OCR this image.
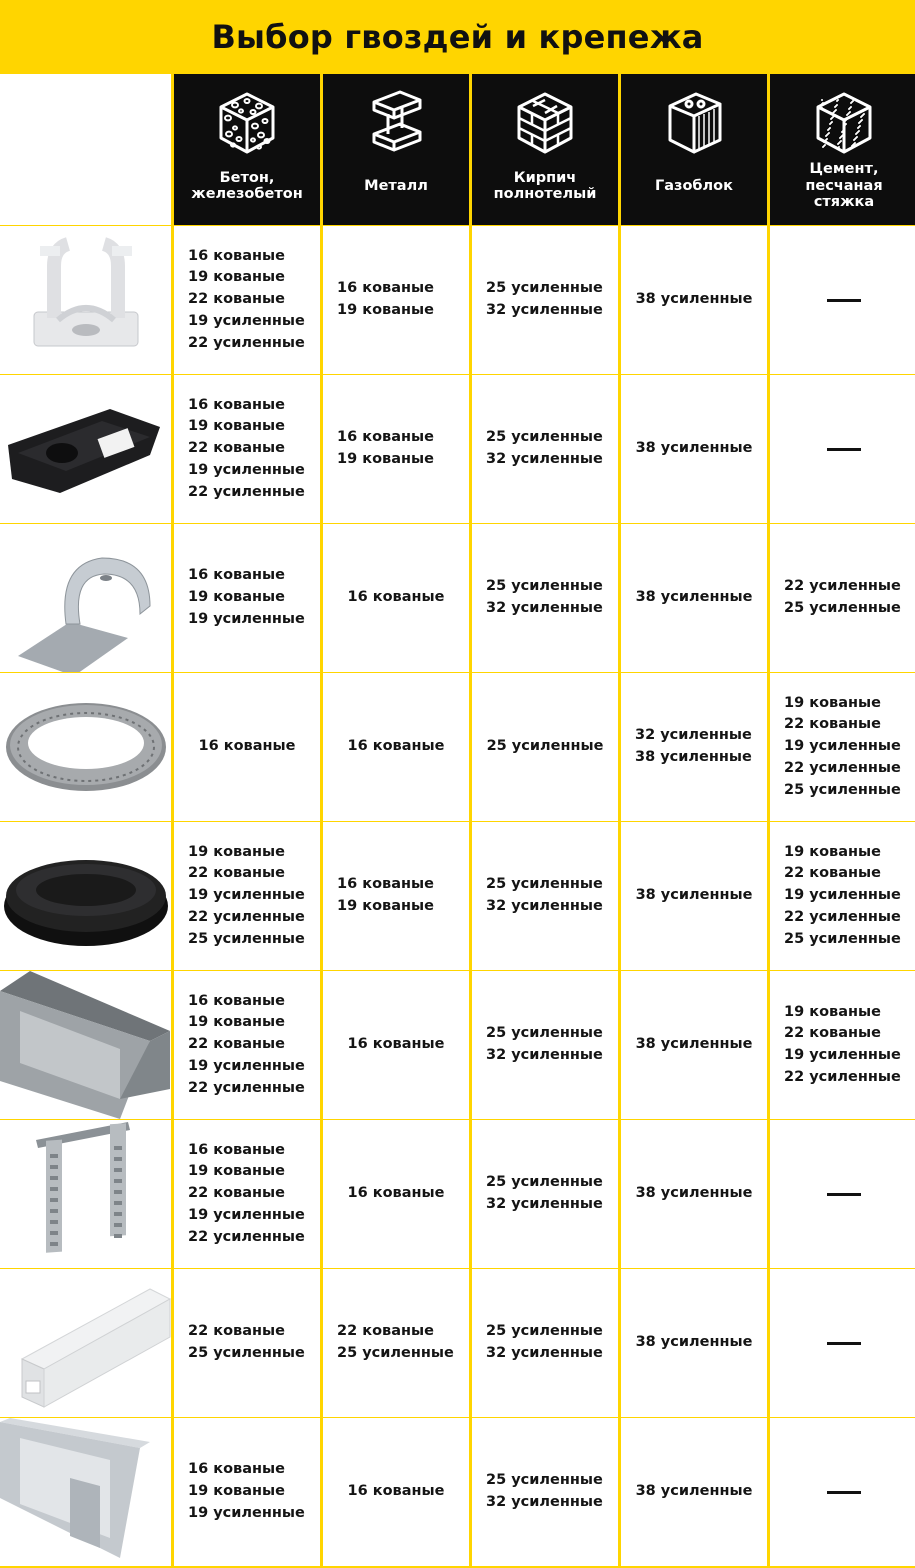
Выбор гвоздей и крепежа
Бетон,
железобетон
Металл
Кирпич
полнотелый
Газоблок
Цемент,
песчаная
стяжка
16 кованые
19 кованые
22 кованые
19 усиленные
22 усиленные
16 кованые
19 кованые
25 усиленные
32 усиленные
38 усиленные
16 кованые
19 кованые
22 кованые
19 усиленные
22 усиленные
16 кованые
19 кованые
25 усиленные
32 усиленные
38 усиленные
16 кованые
19 кованые
19 усиленные
16 кованые
25 усиленные
32 усиленные
38 усиленные
22 усиленные
25 усиленные
16 кованые	16 кованые	25 усиленные
32 усиленные
38 усиленные
19 кованые
22 кованые
19 усиленные
22 усиленные
25 усиленные
19 кованые
22 кованые
19 усиленные
22 усиленные
25 усиленные
16 кованые
19 кованые
25 усиленные
32 усиленные
38 усиленные
19 кованые
22 кованые
19 усиленные
22 усиленные
25 усиленные
16 кованые
19 кованые
22 кованые
19 усиленные
22 усиленные
16 кованые
25 усиленные
32 усиленные
38 усиленные
19 кованые
22 кованые
19 усиленные
22 усиленные
16 кованые
19 кованые
22 кованые
19 усиленные
22 усиленные
16 кованые
25 усиленные
32 усиленные
38 усиленные
22 кованые
25 усиленные
22 кованые
25 усиленные
25 усиленные
32 усиленные
38 усиленные
16 кованые
19 кованые
19 усиленные
16 кованые
25 усиленные
32 усиленные
38 усиленные
